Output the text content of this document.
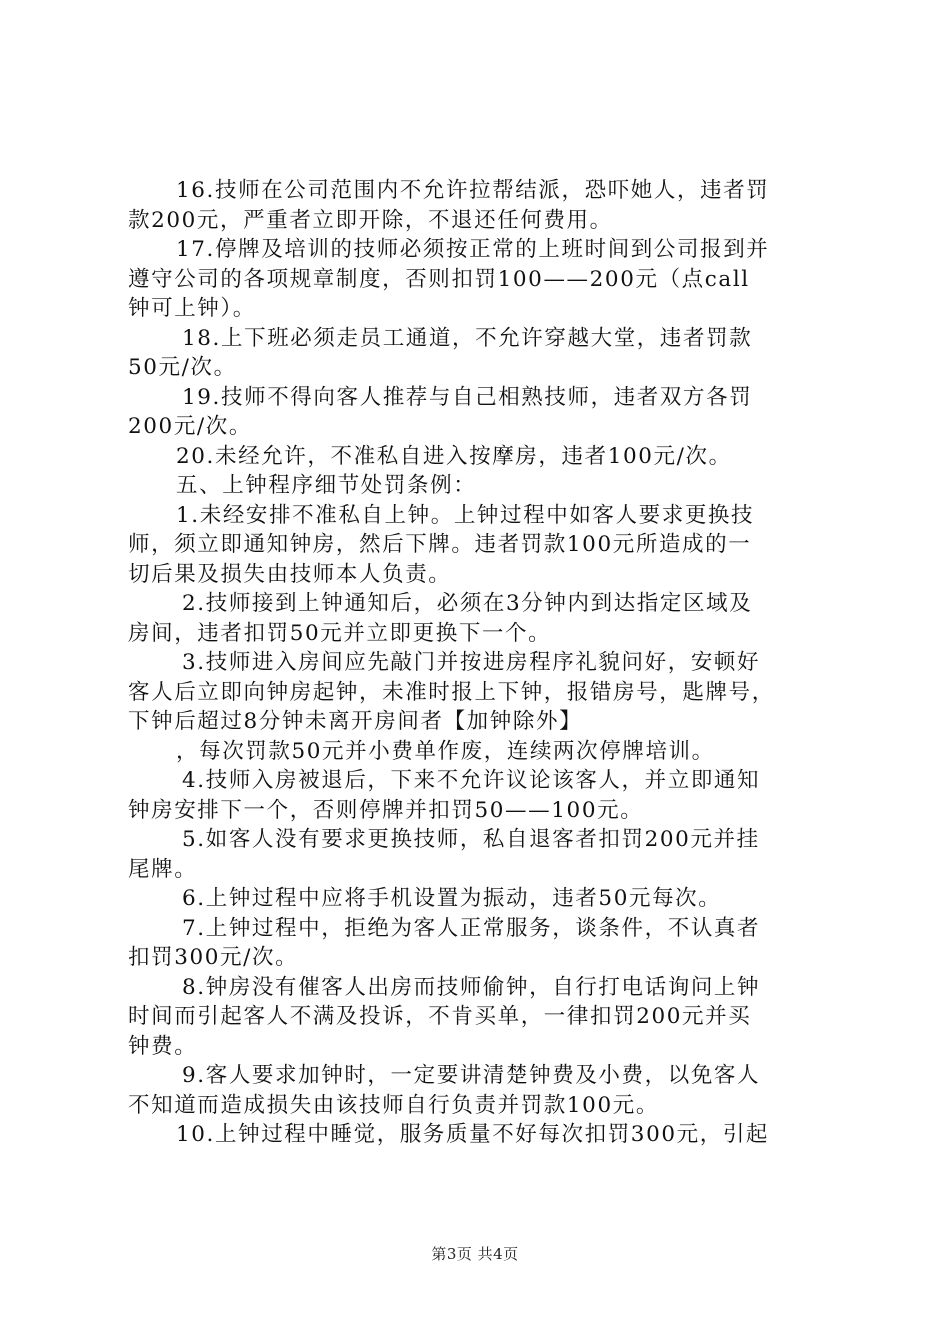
16.技师在公司范围内不允许拉帮结派，恐吓她人，违者罚
款200元，严重者立即开除，不退还任何费用。
17.停牌及培训的技师必须按正常的上班时间到公司报到并
遵守公司的各项规章制度，否则扣罚100——200元（点call
钟可上钟）。
18.上下班必须走员工通道，不允许穿越大堂，违者罚款
50元/次。
19.技师不得向客人推荐与自己相熟技师，违者双方各罚
200元/次。
20.未经允许，不准私自进入按摩房，违者100元/次。
五、上钟程序细节处罚条例：
1.未经安排不准私自上钟。上钟过程中如客人要求更换技
师，须立即通知钟房，然后下牌。违者罚款100元所造成的一
切后果及损失由技师本人负责。
2.技师接到上钟通知后，必须在3分钟内到达指定区域及
房间，违者扣罚50元并立即更换下一个。
3.技师进入房间应先敲门并按进房程序礼貌问好，安顿好
客人后立即向钟房起钟，未准时报上下钟，报错房号，匙牌号，
下钟后超过8分钟未离开房间者【加钟除外】
，每次罚款50元并小费单作废，连续两次停牌培训。
4.技师入房被退后，下来不允许议论该客人，并立即通知
钟房安排下一个，否则停牌并扣罚50——100元。
5.如客人没有要求更换技师，私自退客者扣罚200元并挂
尾牌。
6.上钟过程中应将手机设置为振动，违者50元每次。
7.上钟过程中，拒绝为客人正常服务，谈条件，不认真者
扣罚300元/次。
8.钟房没有催客人出房而技师偷钟，自行打电话询问上钟
时间而引起客人不满及投诉，不肯买单，一律扣罚200元并买
钟费。
9.客人要求加钟时，一定要讲清楚钟费及小费，以免客人
不知道而造成损失由该技师自行负责并罚款100元。
10.上钟过程中睡觉，服务质量不好每次扣罚300元，引起
第3页 共4页
